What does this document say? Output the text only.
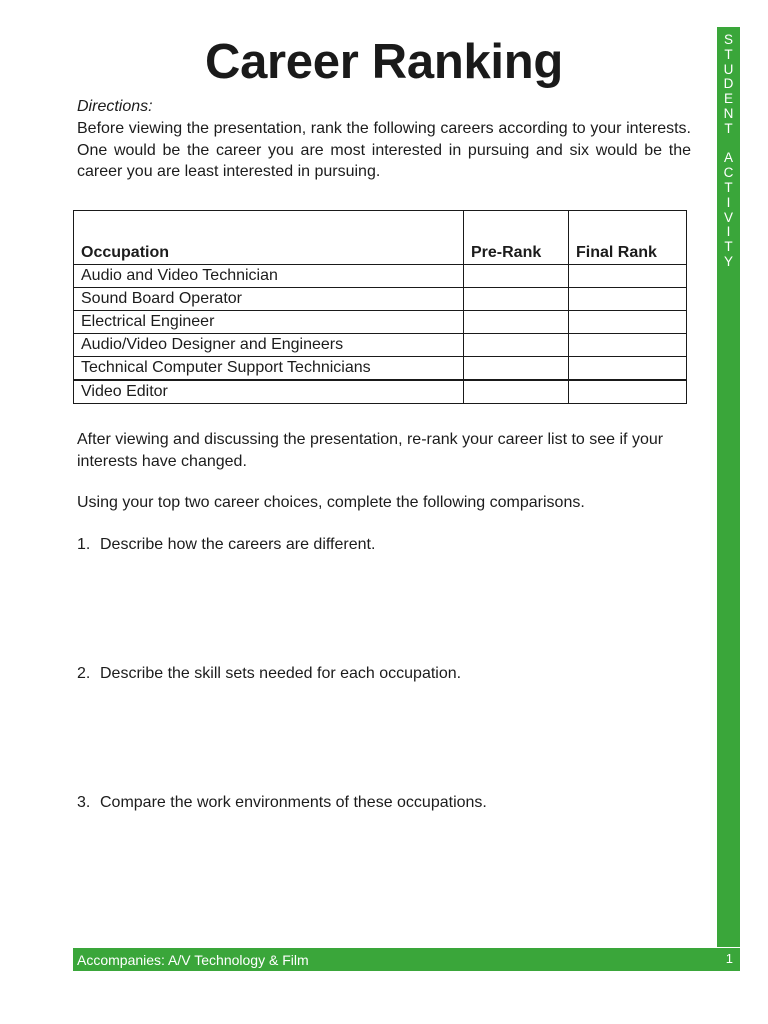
Career Ranking
Directions:
Before viewing the presentation, rank the following careers according to your interests. One would be the career you are most interested in pursuing and six would be the career you are least interested in pursuing.
Occupation	Pre-Rank	Final Rank
Audio and Video Technician		
Sound Board Operator		
Electrical Engineer		
Audio/Video Designer and Engineers		
Technical Computer Support Technicians		
Video Editor		
After viewing and discussing the presentation, re-rank your career list to see if your interests have changed.
Using your top two career choices, complete the following comparisons.
1. Describe how the careers are different.
2. Describe the skill sets needed for each occupation.
3. Compare the work environments of these occupations.
S
T
U
D
E
N
T
A
C
T
I
V
I
T
Y
Accompanies: A/V Technology & Film	1
